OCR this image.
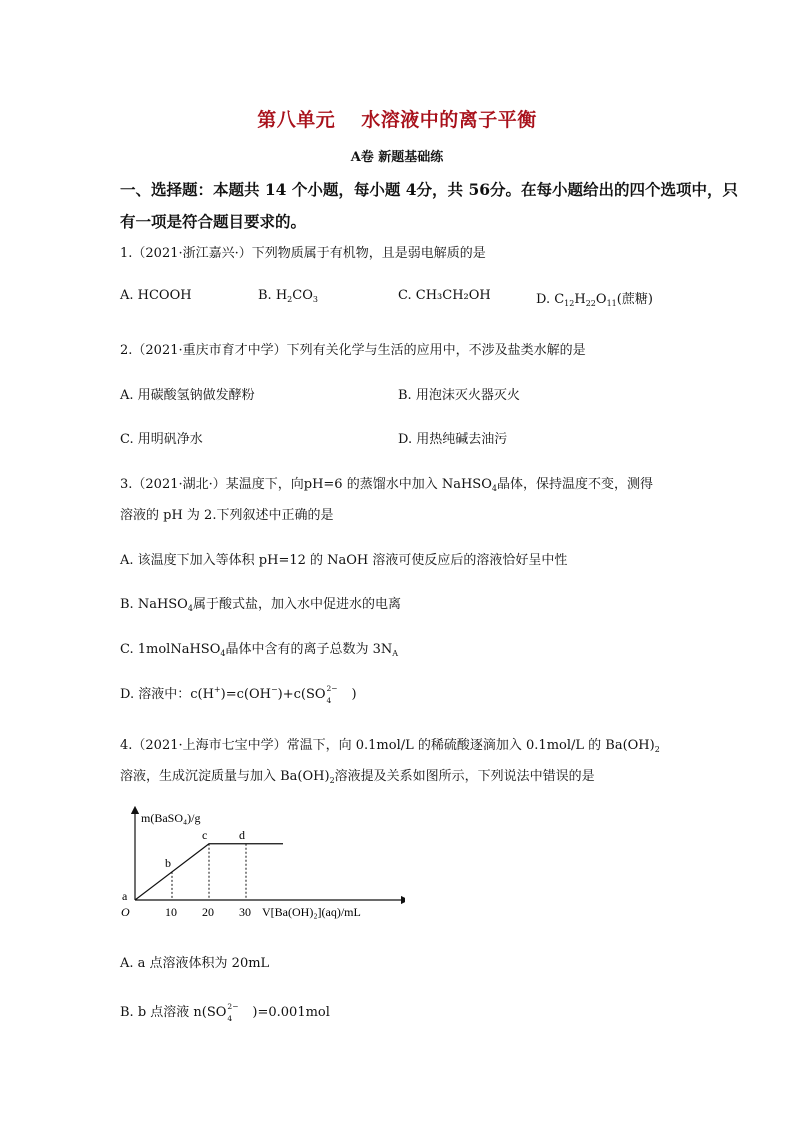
第八单元 水溶液中的离子平衡
A卷 新题基础练
一、选择题：本题共 14 个小题，每小题 4分，共 56分。在每小题给出的四个选项中，只
有一项是符合题目要求的。
1.（2021·浙江嘉兴·）下列物质属于有机物，且是弱电解质的是
A. HCOOH	B. $H_2CO_3$	C. CH₃CH₂OH	D. $C_{12}H_{22}O_{11}$(蔗糖)
2.（2021·重庆市育才中学）下列有关化学与生活的应用中，不涉及盐类水解的是
A. 用碳酸氢钠做发酵粉	B. 用泡沫灭火器灭火
C. 用明矾净水	D. 用热纯碱去油污
3.（2021·湖北·）某温度下，向pH=6 的蒸馏水中加入 NaHSO$_4$晶体，保持温度不变，测得
溶液的 pH 为 2.下列叙述中正确的是
A. 该温度下加入等体积 pH=12 的 NaOH 溶液可使反应后的溶液恰好呈中性
B. NaHSO$_4$属于酸式盐，加入水中促进水的电离
C. 1molNaHSO$_4$晶体中含有的离子总数为 $3N_A$
D. 溶液中：c(H+)=c(OH−)+c(SO 2−
4 )
4.（2021·上海市七宝中学）常温下，向 0.1mol/L 的稀硫酸逐滴加入 0.1mol/L 的 $Ba(OH)_2$
溶液，生成沉淀质量与加入 $Ba(OH)_2$溶液提及关系如图所示，下列说法中错误的是
a
b
c	d
10 20 30
m(BaSO₄)/g
V[Ba(OH)₂](aq)/mL
O
A. a 点溶液体积为 20mL
B. b 点溶液 n(SO 2−
4 )=0.001mol
